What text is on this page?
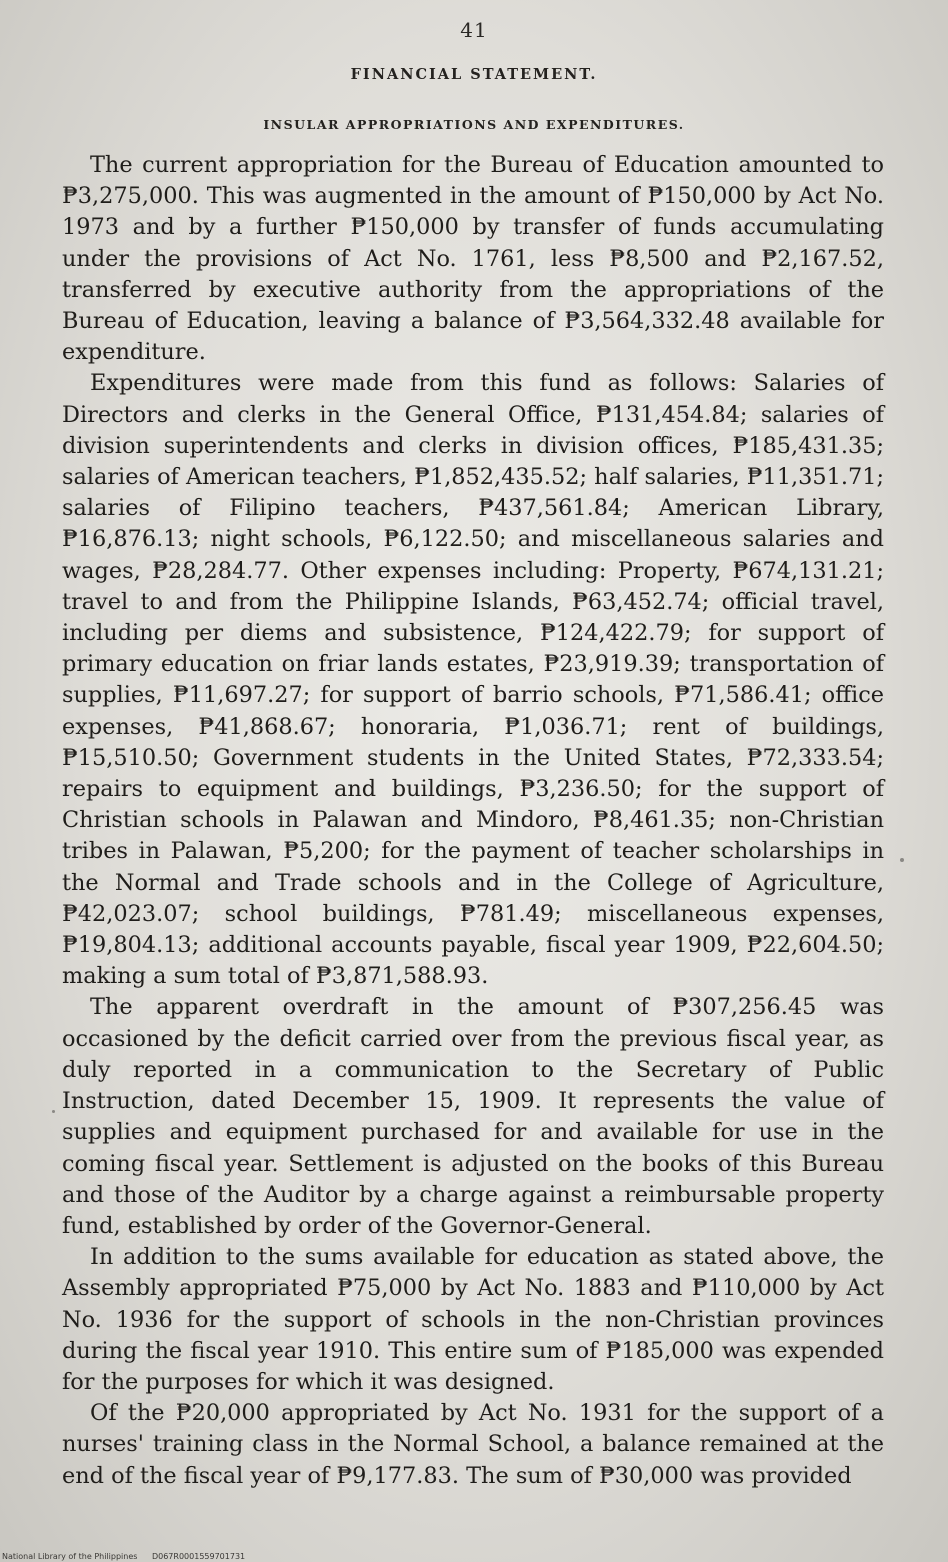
41
FINANCIAL STATEMENT.
INSULAR APPROPRIATIONS AND EXPENDITURES.

The current appropriation for the Bureau of Education amounted to ₱3,275,000. This was augmented in the amount of ₱150,000 by Act No. 1973 and by a further ₱150,000 by transfer of funds accumulating under the provisions of Act No. 1761, less ₱8,500 and ₱2,167.52, transferred by executive authority from the appropriations of the Bureau of Education, leaving a balance of ₱3,564,332.48 available for expenditure.

Expenditures were made from this fund as follows: Salaries of Directors and clerks in the General Office, ₱131,454.84; salaries of division superintendents and clerks in division offices, ₱185,431.35; salaries of American teachers, ₱1,852,435.52; half salaries, ₱11,351.71; salaries of Filipino teachers, ₱437,561.84; American Library, ₱16,876.13; night schools, ₱6,122.50; and miscellaneous salaries and wages, ₱28,284.77. Other expenses including: Property, ₱674,131.21; travel to and from the Philippine Islands, ₱63,452.74; official travel, including per diems and subsistence, ₱124,422.79; for support of primary education on friar lands estates, ₱23,919.39; transportation of supplies, ₱11,697.27; for support of barrio schools, ₱71,586.41; office expenses, ₱41,868.67; honoraria, ₱1,036.71; rent of buildings, ₱15,510.50; Government students in the United States, ₱72,333.54; repairs to equipment and buildings, ₱3,236.50; for the support of Christian schools in Palawan and Mindoro, ₱8,461.35; non-Christian tribes in Palawan, ₱5,200; for the payment of teacher scholarships in the Normal and Trade schools and in the College of Agriculture, ₱42,023.07; school buildings, ₱781.49; miscellaneous expenses, ₱19,804.13; additional accounts payable, fiscal year 1909, ₱22,604.50; making a sum total of ₱3,871,588.93.

The apparent overdraft in the amount of ₱307,256.45 was occasioned by the deficit carried over from the previous fiscal year, as duly reported in a communication to the Secretary of Public Instruction, dated December 15, 1909. It represents the value of supplies and equipment purchased for and available for use in the coming fiscal year. Settlement is adjusted on the books of this Bureau and those of the Auditor by a charge against a reimbursable property fund, established by order of the Governor-General.

In addition to the sums available for education as stated above, the Assembly appropriated ₱75,000 by Act No. 1883 and ₱110,000 by Act No. 1936 for the support of schools in the non-Christian provinces during the fiscal year 1910. This entire sum of ₱185,000 was expended for the purposes for which it was designed.

Of the ₱20,000 appropriated by Act No. 1931 for the support of a nurses' training class in the Normal School, a balance remained at the end of the fiscal year of ₱9,177.83. The sum of ₱30,000 was provided

National Library of the Philippines D067R0001559701731
